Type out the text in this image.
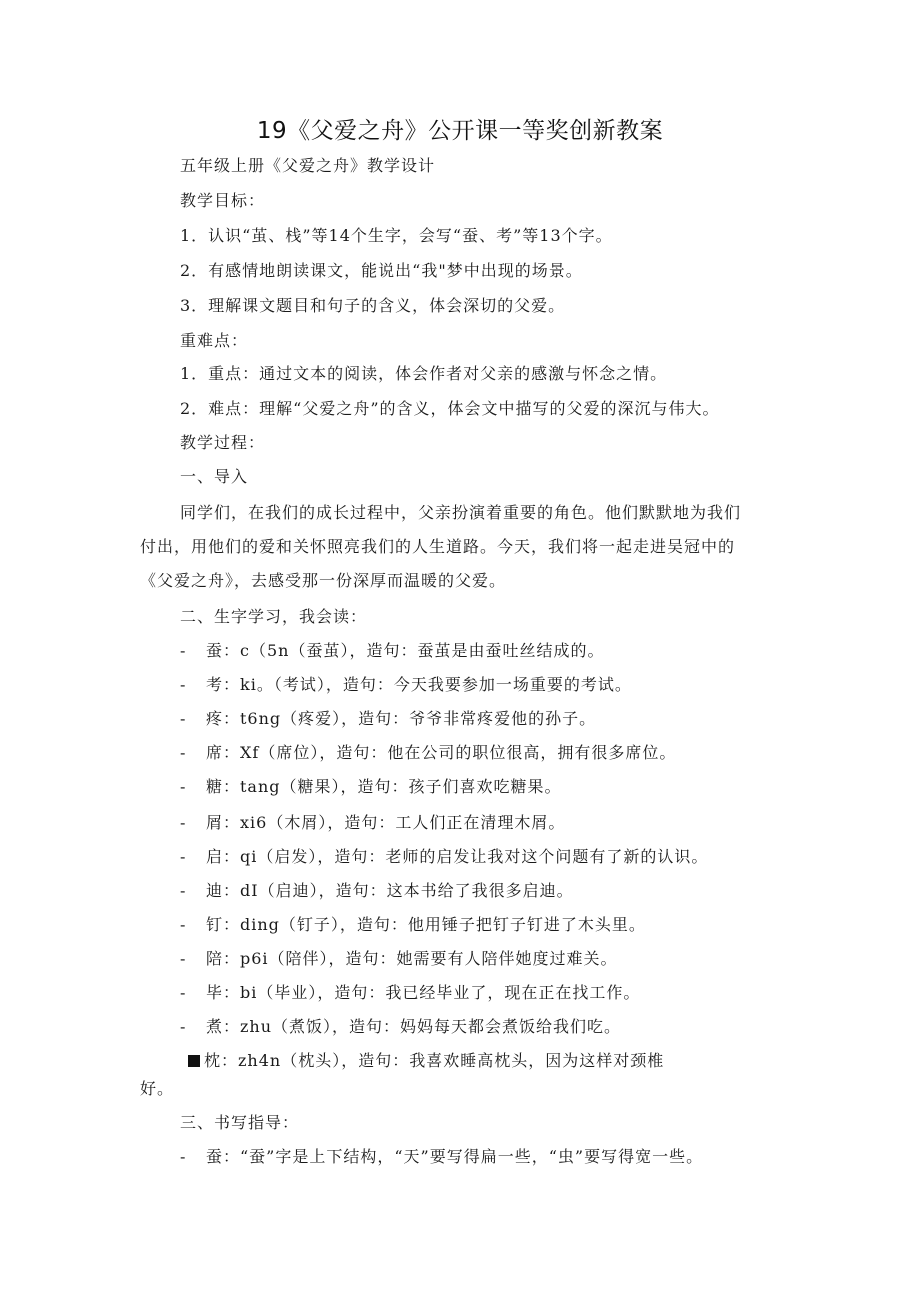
19《父爱之舟》公开课一等奖创新教案
五年级上册《父爱之舟》教学设计
教学目标：
1．认识“茧、栈”等14个生字，会写“蚕、考”等13个字。
2．有感情地朗读课文，能说出“我"梦中出现的场景。
3．理解课文题目和句子的含义，体会深切的父爱。
重难点：
1．重点：通过文本的阅读，体会作者对父亲的感激与怀念之情。
2．难点：理解“父爱之舟”的含义，体会文中描写的父爱的深沉与伟大。
教学过程：
一、导入
同学们，在我们的成长过程中，父亲扮演着重要的角色。他们默默地为我们
付出，用他们的爱和关怀照亮我们的人生道路。今天，我们将一起走进吴冠中的
《父爱之舟》，去感受那一份深厚而温暖的父爱。
二、生字学习，我会读：
- 蚕：c（5n（蚕茧），造句：蚕茧是由蚕吐丝结成的。
- 考：ki。（考试），造句：今天我要参加一场重要的考试。
- 疼：t6ng（疼爱），造句：爷爷非常疼爱他的孙子。
- 席：Xf（席位），造句：他在公司的职位很高，拥有很多席位。
- 糖：tang（糖果），造句：孩子们喜欢吃糖果。
- 屑：xi6（木屑），造句：工人们正在清理木屑。
- 启：qi（启发），造句：老师的启发让我对这个问题有了新的认识。
- 迪：dI（启迪），造句：这本书给了我很多启迪。
- 钉：ding（钉子），造句：他用锤子把钉子钉进了木头里。
- 陪：p6i（陪伴），造句：她需要有人陪伴她度过难关。
- 毕：bi（毕业），造句：我已经毕业了，现在正在找工作。
- 煮：zhu（煮饭），造句：妈妈每天都会煮饭给我们吃。
枕：zh4n（枕头），造句：我喜欢睡高枕头，因为这样对颈椎
好。
三、书写指导：
- 蚕：“蚕”字是上下结构，“天”要写得扁一些，“虫”要写得宽一些。
